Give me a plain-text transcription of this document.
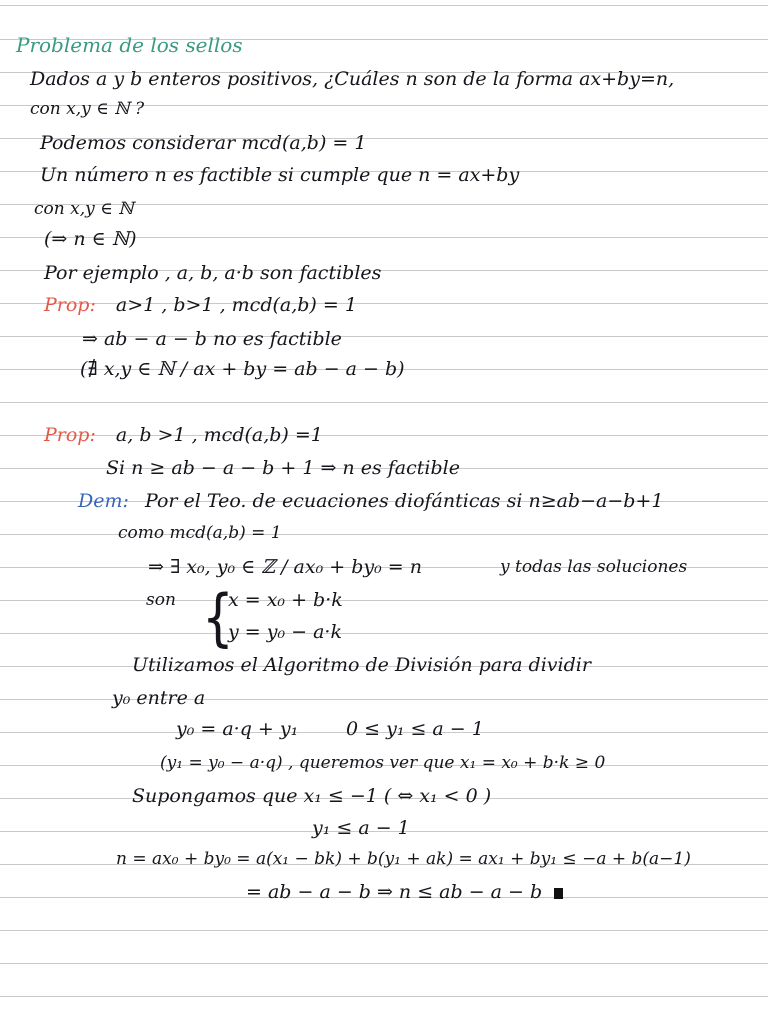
Problema de los sellos

Dados a y b enteros positivos, ¿Cuáles n son de la forma ax+by=n,

con x,y ∈ ℕ ?

Podemos considerar mcd(a,b) = 1

Un número n es factible si cumple que n = ax+by

con x,y ∈ ℕ

(⇒ n ∈ ℕ)

Por ejemplo , a, b, a·b son factibles

Prop: a>1 , b>1 , mcd(a,b) = 1

⇒ ab − a − b no es factible

(∄ x,y ∈ ℕ / ax + by = ab − a − b)

Prop: a, b >1 , mcd(a,b) =1

Si n ≥ ab − a − b + 1 ⇒ n es factible

Dem: Por el Teo. de ecuaciones diofánticas si n≥ab−a−b+1

como mcd(a,b) = 1

⇒ ∃ x₀, y₀ ∈ ℤ / ax₀ + by₀ = n	y todas las soluciones

son {

x = x₀ + b·k

y = y₀ − a·k

Utilizamos el Algoritmo de División para dividir

y₀ entre a

y₀ = a·q + y₁	0 ≤ y₁ ≤ a − 1

(y₁ = y₀ − a·q) , queremos ver que x₁ = x₀ + b·k ≥ 0

Supongamos que x₁ ≤ −1 ( ⇔ x₁ < 0 )

y₁ ≤ a − 1

n = ax₀ + by₀ = a(x₁ − bk) + b(y₁ + ak) = ax₁ + by₁ ≤ −a + b(a−1)

= ab − a − b ⇒ n ≤ ab − a − b
